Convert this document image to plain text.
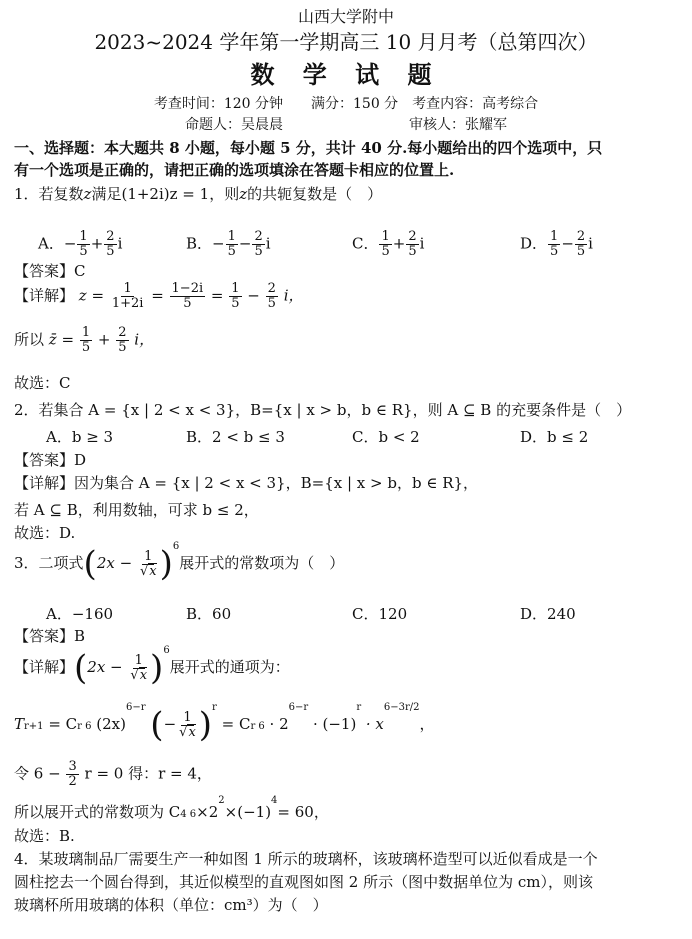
山西大学附中
2023~2024 学年第一学期高三 10 月月考（总第四次）
数 学 试 题
考查时间：120 分钟　　满分：150 分　考查内容：高考综合
命题人：吴晨晨　　　　　　　　　审核人：张耀军
一、选择题：本大题共 8 小题，每小题 5 分，共计 40 分.每小题给出的四个选项中，只
有一个选项是正确的，请把正确的选项填涂在答题卡相应的位置上.
1．若复数z满足(1+2i)z = 1，则z的共轭复数是（　）
A．− $\frac{1}{5} + \frac{2}{5}$ i	B．− $\frac{1}{5} - \frac{2}{5}$ i	C． $\frac{1}{5} + \frac{2}{5}$ i	D． $\frac{1}{5} - \frac{2}{5}$ i
【答案】C
【详解】 $z = \frac{1}{1+2i} = \frac{1-2i}{5} = \frac{1}{5} - \frac{2}{5}$ i，
所以 z̄ = $\frac{1}{5} + \frac{2}{5}$ i，
故选：C
2．若集合 A = {x | 2 < x < 3}，B={x | x > b，b ∈ R}，则 A ⊆ B 的充要条件是（　）
A．b ≥ 3	B．2 < b ≤ 3	C．b < 2	D．b ≤ 2
【答案】D
【详解】因为集合 A = {x | 2 < x < 3}，B={x | x > b，b ∈ R}，
若 A ⊆ B，利用数轴，可求 b ≤ 2，
故选：D.
3．二项式$(2x - \frac{1}{√x} )^6$展开式的常数项为（　）
A．−160	B．60	C．120	D．240
【答案】B
【详解】$(2x - \frac{1}{√x} )^6$展开式的通项为：
Tr+1 = Cr 6 $(2x)^{6-r}$ (− $\frac{1}{√x} )^r = Cr$ $6 \cdot 2^{6-r} \cdot (-1)^r \cdot x^{6-3r/2}$，
令 $6 - \frac{3}{2}$ r = 0 得：r = 4，
所以展开式的常数项为 C4 $6\times 2^2\times(-1)^4= 60$，
故选：B.
4．某玻璃制品厂需要生产一种如图 1 所示的玻璃杯，该玻璃杯造型可以近似看成是一个
圆柱挖去一个圆台得到，其近似模型的直观图如图 2 所示（图中数据单位为 cm），则该
玻璃杯所用玻璃的体积（单位：cm³）为（　）
